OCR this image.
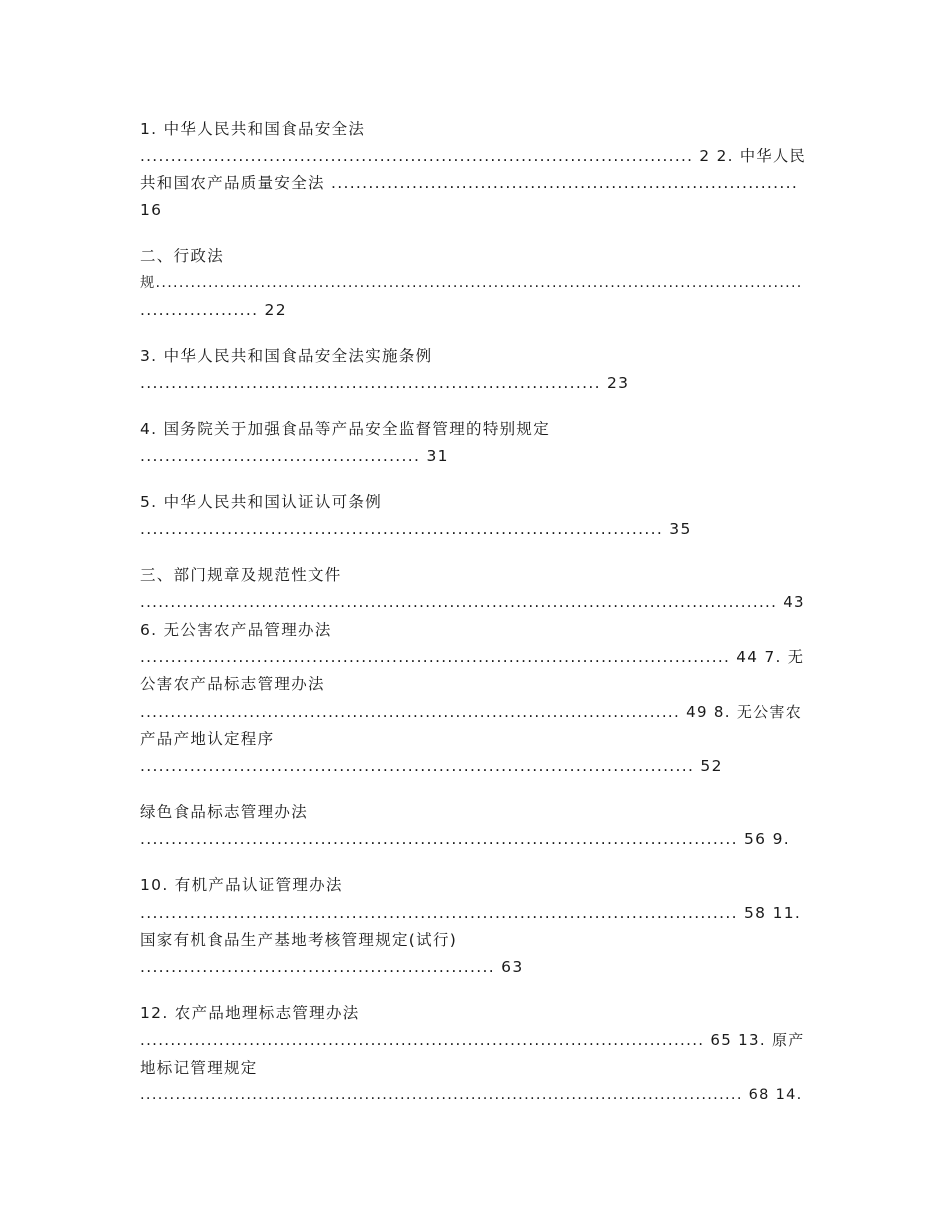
1. 中华人民共和国食品安全法
.......................................................................................... 2 2. 中华人民
共和国农产品质量安全法 ...........................................................................
16
二、行政法
规...............................................................................................................
................... 22
3. 中华人民共和国食品安全法实施条例
.......................................................................... 23
4. 国务院关于加强食品等产品安全监督管理的特别规定
............................................. 31
5. 中华人民共和国认证认可条例
.................................................................................... 35
三、部门规章及规范性文件
......................................................................................................... 43
6. 无公害农产品管理办法
................................................................................................ 44 7. 无
公害农产品标志管理办法
......................................................................................... 49 8. 无公害农
产品产地认定程序
......................................................................................... 52
绿色食品标志管理办法
................................................................................................ 56 9.
10. 有机产品认证管理办法
................................................................................................ 58 11.
国家有机食品生产基地考核管理规定(试行)
......................................................... 63
12. 农产品地理标志管理办法
............................................................................................. 65 13. 原产
地标记管理规定
...................................................................................................... 68 14.
